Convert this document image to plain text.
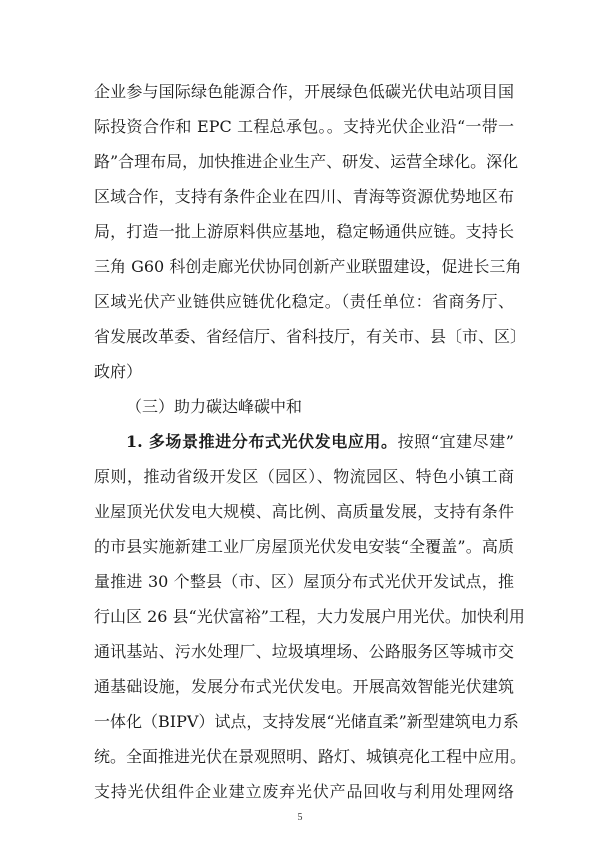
企业参与国际绿色能源合作，开展绿色低碳光伏电站项目国
际投资合作和 EPC 工程总承包。。支持光伏企业沿“一带一
路”合理布局，加快推进企业生产、研发、运营全球化。深化
区域合作，支持有条件企业在四川、青海等资源优势地区布
局，打造一批上游原料供应基地，稳定畅通供应链。支持长
三角 G60 科创走廊光伏协同创新产业联盟建设，促进长三角
区域光伏产业链供应链优化稳定。（责任单位：省商务厅、
省发展改革委、省经信厅、省科技厅，有关市、县〔市、区〕
政府）
（三）助力碳达峰碳中和
1. 多场景推进分布式光伏发电应用。按照“宜建尽建”
原则，推动省级开发区（园区）、物流园区、特色小镇工商
业屋顶光伏发电大规模、高比例、高质量发展，支持有条件
的市县实施新建工业厂房屋顶光伏发电安装“全覆盖”。高质
量推进 30 个整县（市、区）屋顶分布式光伏开发试点，推
行山区 26 县“光伏富裕”工程，大力发展户用光伏。加快利用
通讯基站、污水处理厂、垃圾填埋场、公路服务区等城市交
通基础设施，发展分布式光伏发电。开展高效智能光伏建筑
一体化（BIPV）试点，支持发展“光储直柔”新型建筑电力系
统。全面推进光伏在景观照明、路灯、城镇亮化工程中应用。
支持光伏组件企业建立废弃光伏产品回收与利用处理网络
5
